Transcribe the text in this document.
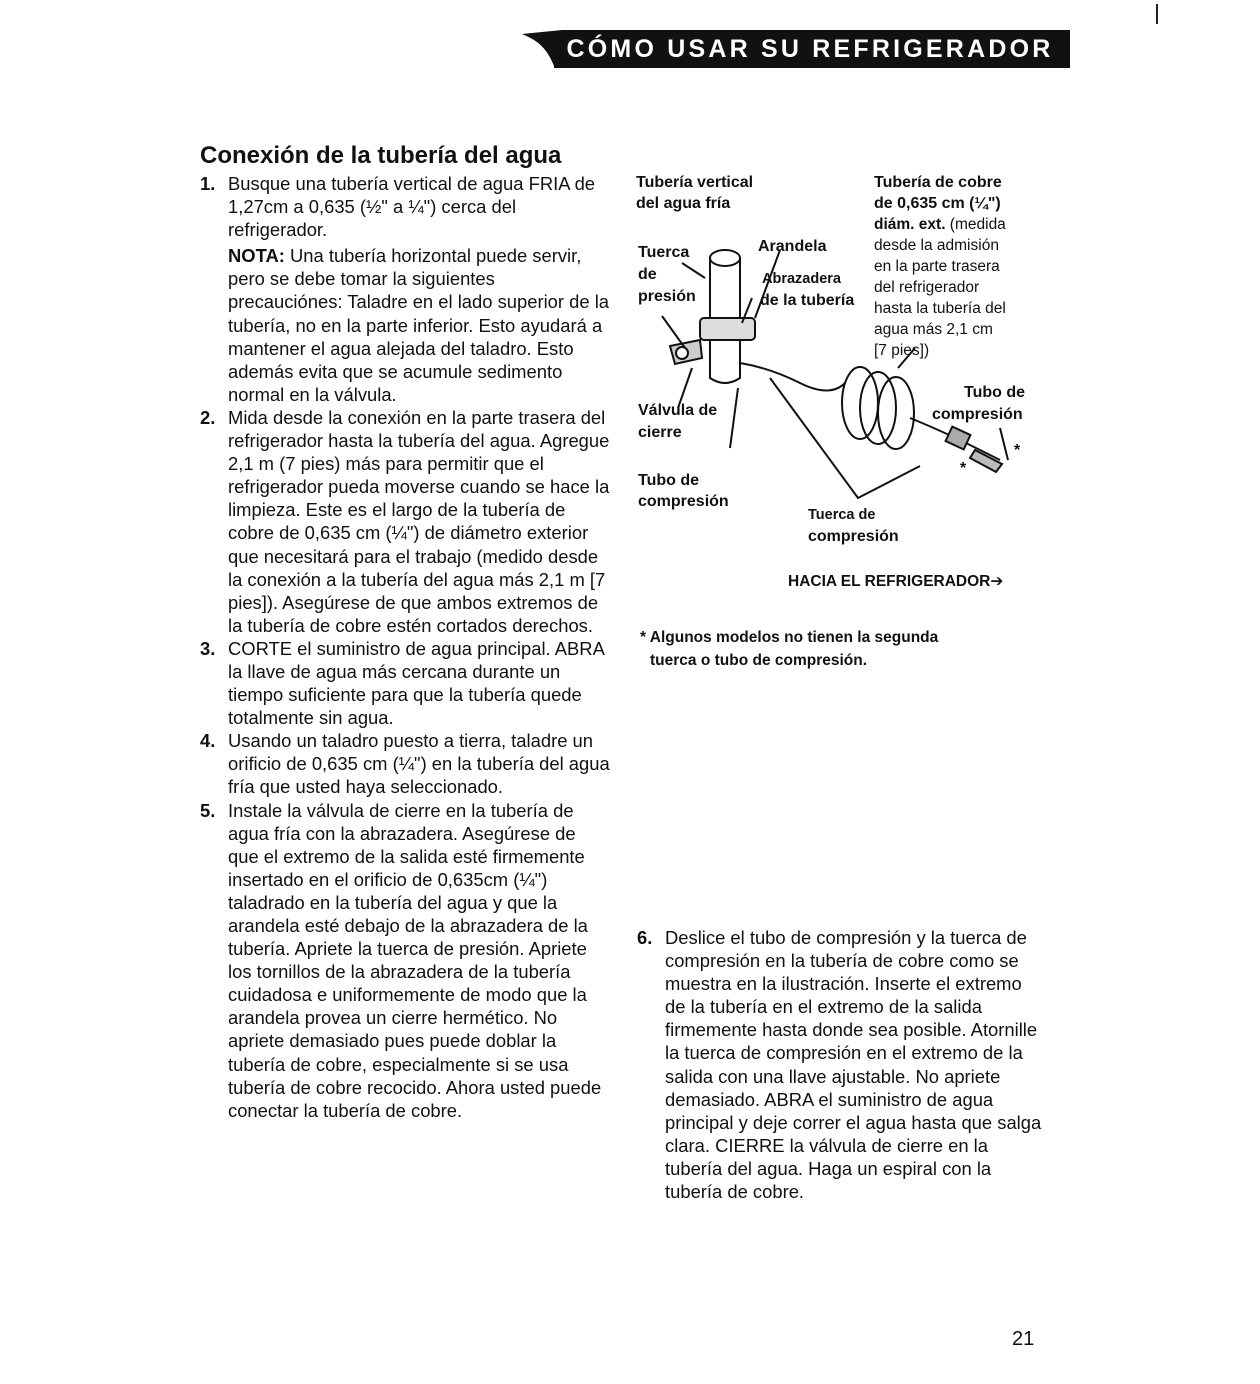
CÓMO USAR SU REFRIGERADOR
Conexión de la tubería del agua
1. Busque una tubería vertical de agua FRIA de 1,27cm a 0,635 (½" a ¼") cerca del refrigerador.

NOTA: Una tubería horizontal puede servir, pero se debe tomar la siguientes precauciónes: Taladre en el lado superior de la tubería, no en la parte inferior. Esto ayudará a mantener el agua alejada del taladro. Esto además evita que se acumule sedimento normal en la válvula.

2. Mida desde la conexión en la parte trasera del refrigerador hasta la tubería del agua. Agregue 2,1 m (7 pies) más para permitir que el refrigerador pueda moverse cuando se hace la limpieza. Este es el largo de la tubería de cobre de 0,635 cm (¼") de diámetro exterior que necesitará para el trabajo (medido desde la conexión a la tubería del agua más 2,1 m [7 pies]). Asegúrese de que ambos extremos de la tubería de cobre estén cortados derechos.

3. CORTE el suministro de agua principal. ABRA la llave de agua más cercana durante un tiempo suficiente para que la tubería quede totalmente sin agua.

4. Usando un taladro puesto a tierra, taladre un orificio de 0,635 cm (¼") en la tubería del agua fría que usted haya seleccionado.

5. Instale la válvula de cierre en la tubería de agua fría con la abrazadera. Asegúrese de que el extremo de la salida esté firmemente insertado en el orificio de 0,635cm (¼") taladrado en la tubería del agua y que la arandela esté debajo de la abrazadera de la tubería. Apriete la tuerca de presión. Apriete los tornillos de la abrazadera de la tubería cuidadosa e uniformemente de modo que la arandela provea un cierre hermético. No apriete demasiado pues puede doblar la tubería de cobre, especialmente si se usa tubería de cobre recocido. Ahora usted puede conectar la tubería de cobre.

6. Deslice el tubo de compresión y la tuerca de compresión en la tubería de cobre como se muestra en la ilustración. Inserte el extremo de la tubería en el extremo de la salida firmemente hasta donde sea posible. Atornille la tuerca de compresión en el extremo de la salida con una llave ajustable. No apriete demasiado. ABRA el suministro de agua principal y deje correr el agua hasta que salga clara. CIERRE la válvula de cierre en la tubería del agua. Haga un espiral con la tubería de cobre.

Tubería vertical
del agua fría
Tubería de cobre
de 0,635 cm (¼")
diám. ext. (medida
desde la admisión
en la parte trasera
del refrigerador
hasta la tubería del
agua más 2,1 cm
[7 pies])
Tuerca
de
presión
Arandela
Abrazadera
de la tubería
Válvula de
cierre
Tubo de
compresión
Tubo de
compresión
Tuerca de
compresión
*
*
HACIA EL REFRIGERADOR➔
* Algunos modelos no tienen la segunda
tuerca o tubo de compresión.
21
